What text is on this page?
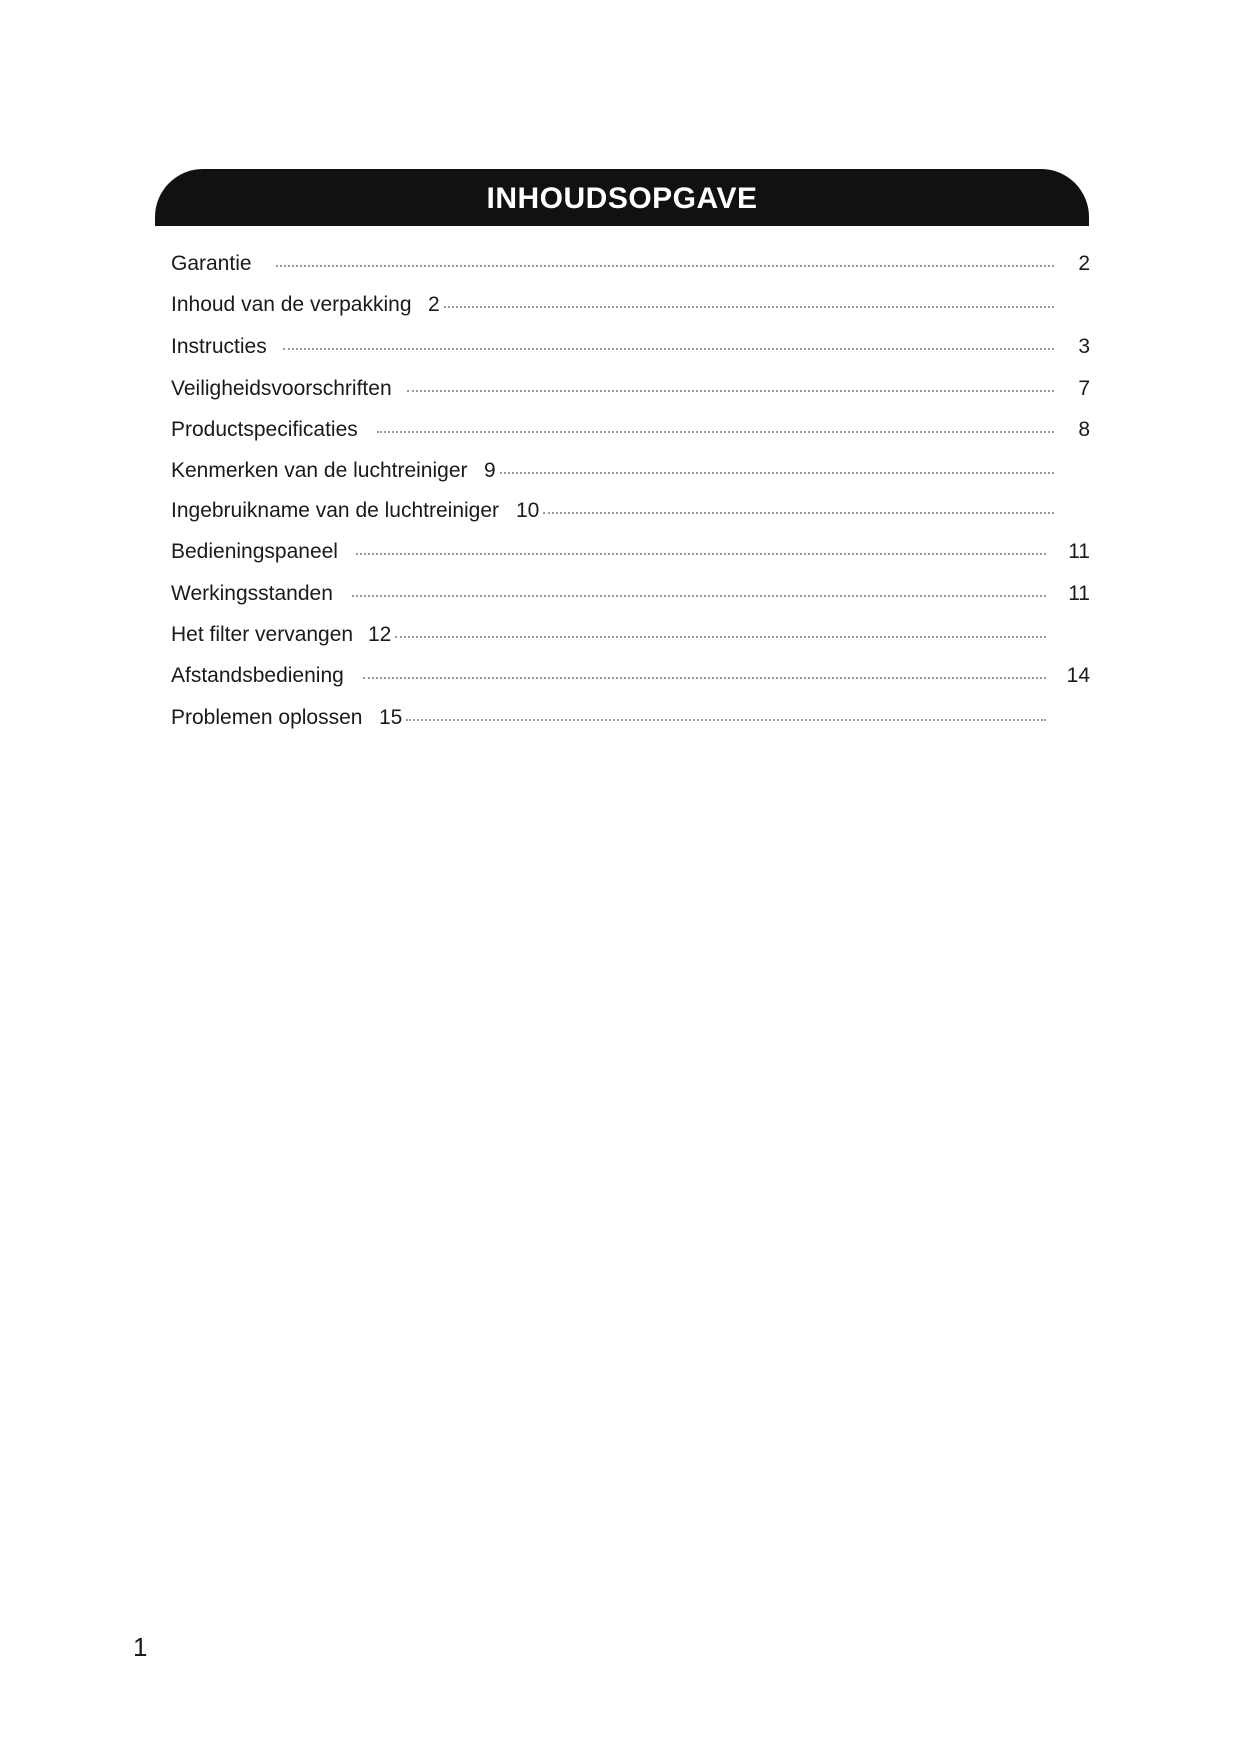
INHOUDSOPGAVE
Garantie	2
Inhoud van de verpakking 2
Instructies	3
Veiligheidsvoorschriften	7
Productspecificaties	8
Kenmerken van de luchtreiniger 9
Ingebruikname van de luchtreiniger 10
Bedieningspaneel	11
Werkingsstanden	11
Het filter vervangen 12
Afstandsbediening	14
Problemen oplossen 15
1
